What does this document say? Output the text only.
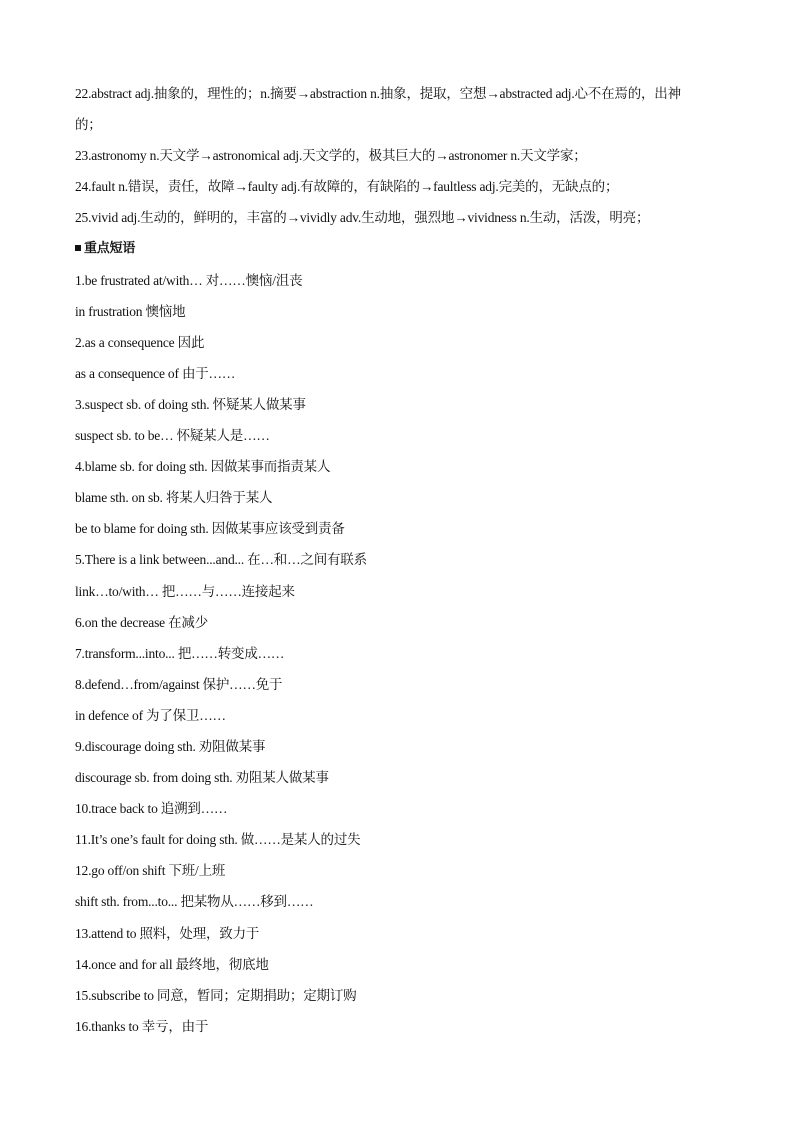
22.abstract adj.抽象的，理性的；n.摘要→abstraction n.抽象，提取，空想→abstracted adj.心不在焉的，出神
的；
23.astronomy n.天文学→astronomical adj.天文学的，极其巨大的→astronomer n.天文学家；
24.fault n.错误，责任，故障→faulty adj.有故障的，有缺陷的→faultless adj.完美的，无缺点的；
25.vivid adj.生动的，鲜明的，丰富的→vividly adv.生动地，强烈地→vividness n.生动，活泼，明亮；
重点短语
1.be frustrated at/with… 对……懊恼/沮丧
in frustration 懊恼地
2.as a consequence 因此
as a consequence of 由于……
3.suspect sb. of doing sth. 怀疑某人做某事
suspect sb. to be… 怀疑某人是……
4.blame sb. for doing sth. 因做某事而指责某人
blame sth. on sb. 将某人归咎于某人
be to blame for doing sth. 因做某事应该受到责备
5.There is a link between...and... 在…和…之间有联系
link…to/with… 把……与……连接起来
6.on the decrease 在减少
7.transform...into... 把……转变成……
8.defend…from/against 保护……免于
in defence of 为了保卫……
9.discourage doing sth. 劝阻做某事
discourage sb. from doing sth. 劝阻某人做某事
10.trace back to 追溯到……
11.It’s one’s fault for doing sth. 做……是某人的过失
12.go off/on shift 下班/上班
shift sth. from...to... 把某物从……移到……
13.attend to 照料，处理，致力于
14.once and for all 最终地，彻底地
15.subscribe to 同意，暂同；定期捐助；定期订购
16.thanks to 幸亏，由于
